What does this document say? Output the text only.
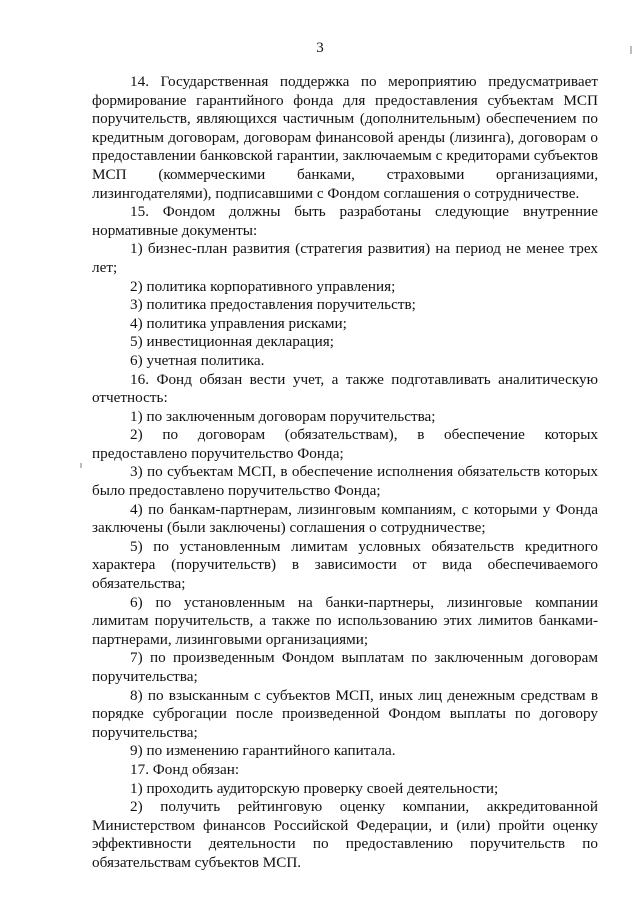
3

14. Государственная поддержка по мероприятию предусматривает формирование гарантийного фонда для предоставления субъектам МСП поручительств, являющихся частичным (дополнительным) обеспечением по кредитным договорам, договорам финансовой аренды (лизинга), договорам о предоставлении банковской гарантии, заключаемым с кредиторами субъектов МСП (коммерческими банками, страховыми организациями, лизингодателями), подписавшими с Фондом соглашения о сотрудничестве.

15. Фондом должны быть разработаны следующие внутренние нормативные документы:

1) бизнес-план развития (стратегия развития) на период не менее трех лет;

2) политика корпоративного управления;

3) политика предоставления поручительств;

4) политика управления рисками;

5) инвестиционная декларация;

6) учетная политика.

16. Фонд обязан вести учет, а также подготавливать аналитическую отчетность:

1) по заключенным договорам поручительства;

2) по договорам (обязательствам), в обеспечение которых предоставлено поручительство Фонда;

3) по субъектам МСП, в обеспечение исполнения обязательств которых было предоставлено поручительство Фонда;

4) по банкам-партнерам, лизинговым компаниям, с которыми у Фонда заключены (были заключены) соглашения о сотрудничестве;

5) по установленным лимитам условных обязательств кредитного характера (поручительств) в зависимости от вида обеспечиваемого обязательства;

6) по установленным на банки-партнеры, лизинговые компании лимитам поручительств, а также по использованию этих лимитов банками-партнерами, лизинговыми организациями;

7) по произведенным Фондом выплатам по заключенным договорам поручительства;

8) по взысканным с субъектов МСП, иных лиц денежным средствам в порядке суброгации после произведенной Фондом выплаты по договору поручительства;

9) по изменению гарантийного капитала.

17. Фонд обязан:

1) проходить аудиторскую проверку своей деятельности;

2) получить рейтинговую оценку компании, аккредитованной Министерством финансов Российской Федерации, и (или) пройти оценку эффективности деятельности по предоставлению поручительств по обязательствам субъектов МСП.
